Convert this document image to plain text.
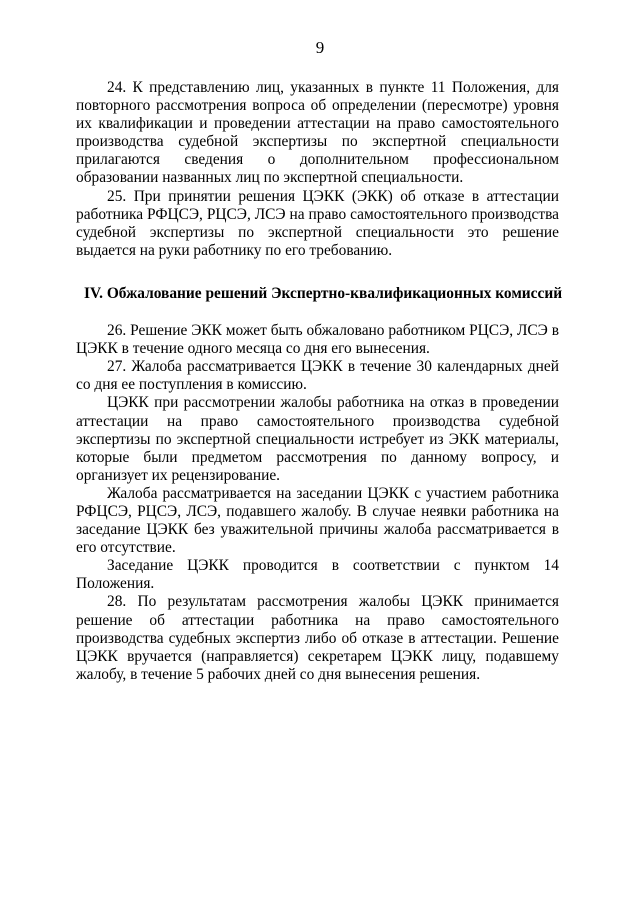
9

24. К представлению лиц, указанных в пункте 11 Положения, для повторного рассмотрения вопроса об определении (пересмотре) уровня их квалификации и проведении аттестации на право самостоятельного производства судебной экспертизы по экспертной специальности прилагаются сведения о дополнительном профессиональном образовании названных лиц по экспертной специальности.

25. При принятии решения ЦЭКК (ЭКК) об отказе в аттестации работника РФЦСЭ, РЦСЭ, ЛСЭ на право самостоятельного производства судебной экспертизы по экспертной специальности это решение выдается на руки работнику по его требованию.

IV. Обжалование решений Экспертно-квалификационных комиссий

26. Решение ЭКК может быть обжаловано работником РЦСЭ, ЛСЭ в ЦЭКК в течение одного месяца со дня его вынесения.

27. Жалоба рассматривается ЦЭКК в течение 30 календарных дней со дня ее поступления в комиссию.

ЦЭКК при рассмотрении жалобы работника на отказ в проведении аттестации на право самостоятельного производства судебной экспертизы по экспертной специальности истребует из ЭКК материалы, которые были предметом рассмотрения по данному вопросу, и организует их рецензирование.

Жалоба рассматривается на заседании ЦЭКК с участием работника РФЦСЭ, РЦСЭ, ЛСЭ, подавшего жалобу. В случае неявки работника на заседание ЦЭКК без уважительной причины жалоба рассматривается в его отсутствие.

Заседание ЦЭКК проводится в соответствии с пунктом 14 Положения.

28. По результатам рассмотрения жалобы ЦЭКК принимается решение об аттестации работника на право самостоятельного производства судебных экспертиз либо об отказе в аттестации. Решение ЦЭКК вручается (направляется) секретарем ЦЭКК лицу, подавшему жалобу, в течение 5 рабочих дней со дня вынесения решения.
